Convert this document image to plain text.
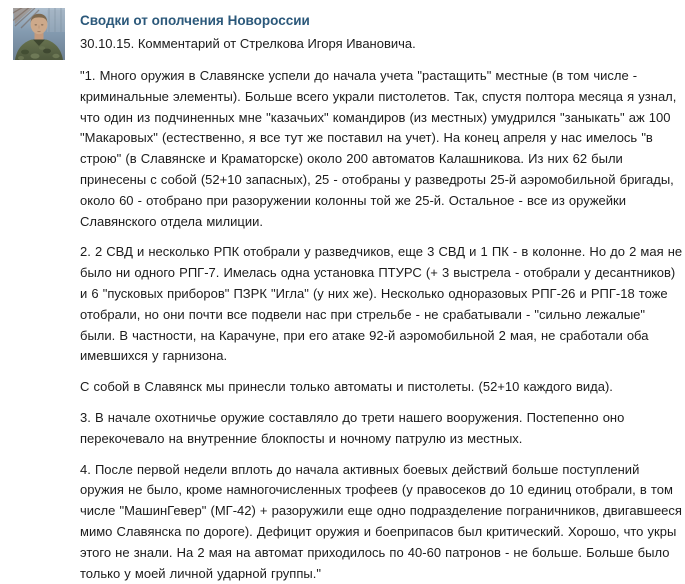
Сводки от ополчения Новороссии
30.10.15. Комментарий от Стрелкова Игоря Ивановича.

"1. Много оружия в Славянске успели до начала учета "растащить" местные (в том числе - криминальные элементы). Больше всего украли пистолетов. Так, спустя полтора месяца я узнал, что один из подчиненных мне "казачьих" командиров (из местных) умудрился "заныкать" аж 100 "Макаровых" (естественно, я все тут же поставил на учет). На конец апреля у нас имелось "в строю" (в Славянске и Краматорске) около 200 автоматов Калашникова. Из них 62 были принесены с собой (52+10 запасных), 25 - отобраны у разведроты 25-й аэромобильной бригады, около 60 - отобрано при разоружении колонны той же 25-й. Остальное - все из оружейки Славянского отдела милиции.

2. 2 СВД и несколько РПК отобрали у разведчиков, еще 3 СВД и 1 ПК - в колонне. Но до 2 мая не было ни одного РПГ-7. Имелась одна установка ПТУРС (+ 3 выстрела - отобрали у десантников) и 6 "пусковых приборов" ПЗРК "Игла" (у них же). Несколько одноразовых РПГ-26 и РПГ-18 тоже отобрали, но они почти все подвели нас при стрельбе - не срабатывали - "сильно лежалые" были. В частности, на Карачуне, при его атаке 92-й аэромобильной 2 мая, не сработали оба имевшихся у гарнизона.

С собой в Славянск мы принесли только автоматы и пистолеты. (52+10 каждого вида).

3. В начале охотничье оружие составляло до трети нашего вооружения. Постепенно оно перекочевало на внутренние блокпосты и ночному патрулю из местных.

4. После первой недели вплоть до начала активных боевых действий больше поступлений оружия не было, кроме намногочисленных трофеев (у правосеков до 10 единиц отобрали, в том числе "МашинГевер" (МГ-42) + разоружили еще одно подразделение пограничников, двигавшееся мимо Славянска по дороге). Дефицит оружия и боеприпасов был критический. Хорошо, что укры этого не знали. На 2 мая на автомат приходилось по 40-60 патронов - не больше. Больше было только у моей личной ударной группы."
